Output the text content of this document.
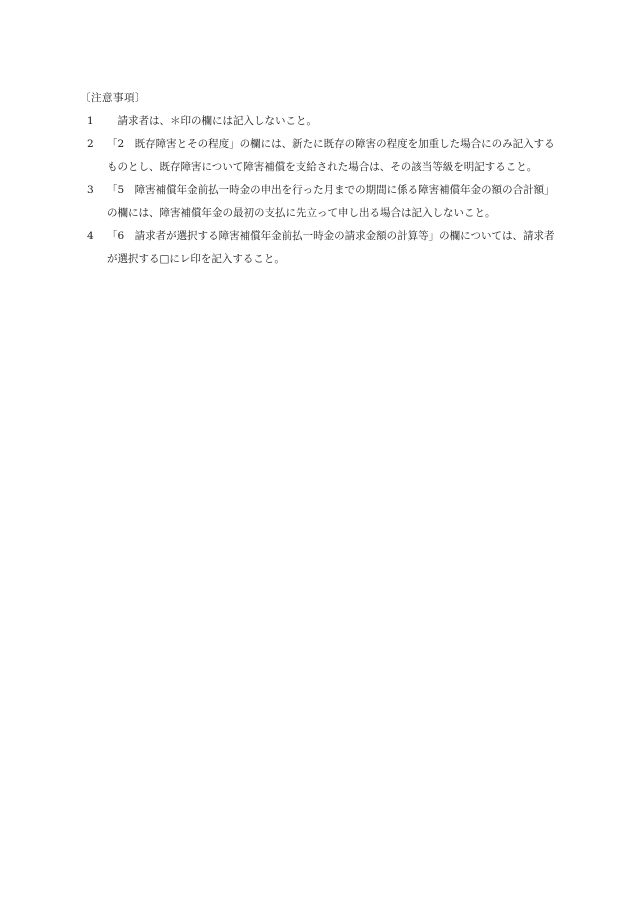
〔注意事項〕
1	　請求者は、＊印の欄には記入しないこと。
2	「2　既存障害とその程度」の欄には、新たに既存の障害の程度を加重した場合にのみ記入するものとし、既存障害について障害補償を支給された場合は、その該当等級を明記すること。
3	「5　障害補償年金前払一時金の申出を行った月までの期間に係る障害補償年金の額の合計額」の欄には、障害補償年金の最初の支払に先立って申し出る場合は記入しないこと。
4	「6　請求者が選択する障害補償年金前払一時金の請求金額の計算等」の欄については、請求者が選択する□にレ印を記入すること。
